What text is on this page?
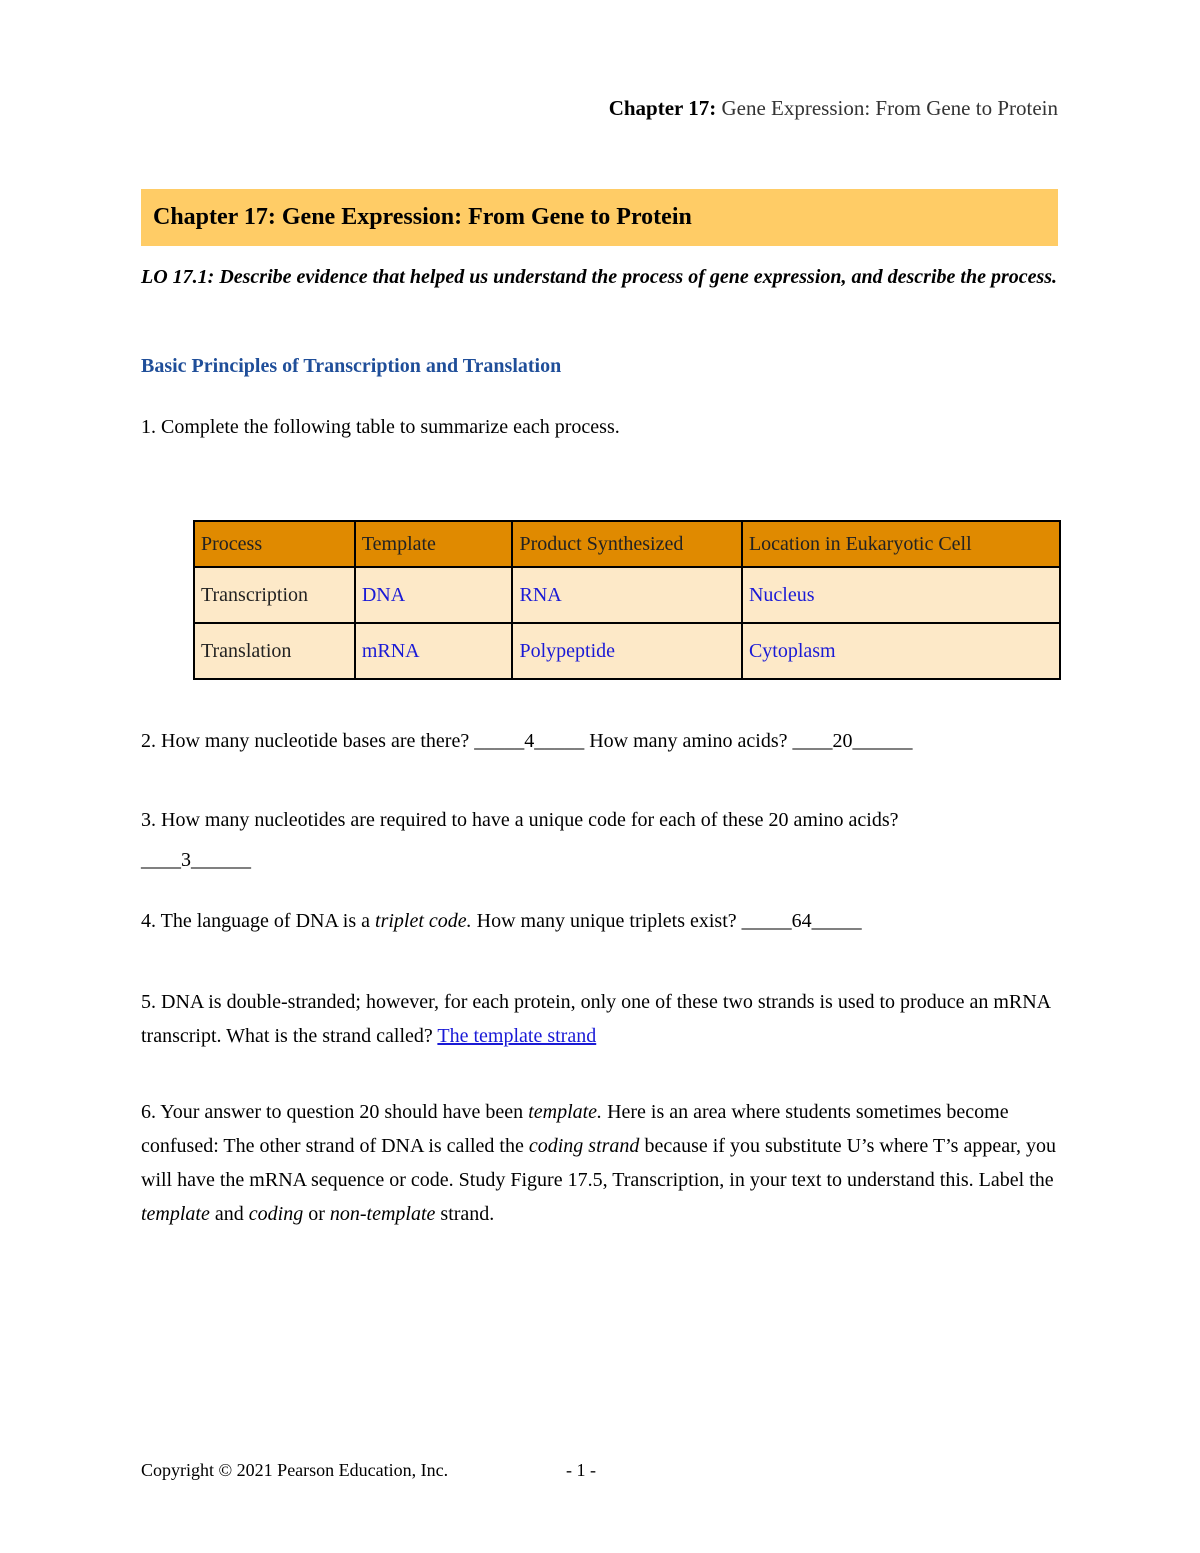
Chapter 17: Gene Expression: From Gene to Protein
Chapter 17: Gene Expression: From Gene to Protein
LO 17.1: Describe evidence that helped us understand the process of gene expression, and describe the process.
Basic Principles of Transcription and Translation
1. Complete the following table to summarize each process.
Process	Template	Product Synthesized	Location in Eukaryotic Cell
Transcription	DNA	RNA	Nucleus
Translation	mRNA	Polypeptide	Cytoplasm
2. How many nucleotide bases are there? _____4_____ How many amino acids? ____20______
3. How many nucleotides are required to have a unique code for each of these 20 amino acids?
____3______
4. The language of DNA is a triplet code. How many unique triplets exist? _____64_____
5. DNA is double-stranded; however, for each protein, only one of these two strands is used to produce an mRNA transcript. What is the strand called? The template strand
6. Your answer to question 20 should have been template. Here is an area where students sometimes become confused: The other strand of DNA is called the coding strand because if you substitute U’s where T’s appear, you will have the mRNA sequence or code. Study Figure 17.5, Transcription, in your text to understand this. Label the template and coding or non-template strand.
Copyright © 2021 Pearson Education, Inc.	- 1 -
